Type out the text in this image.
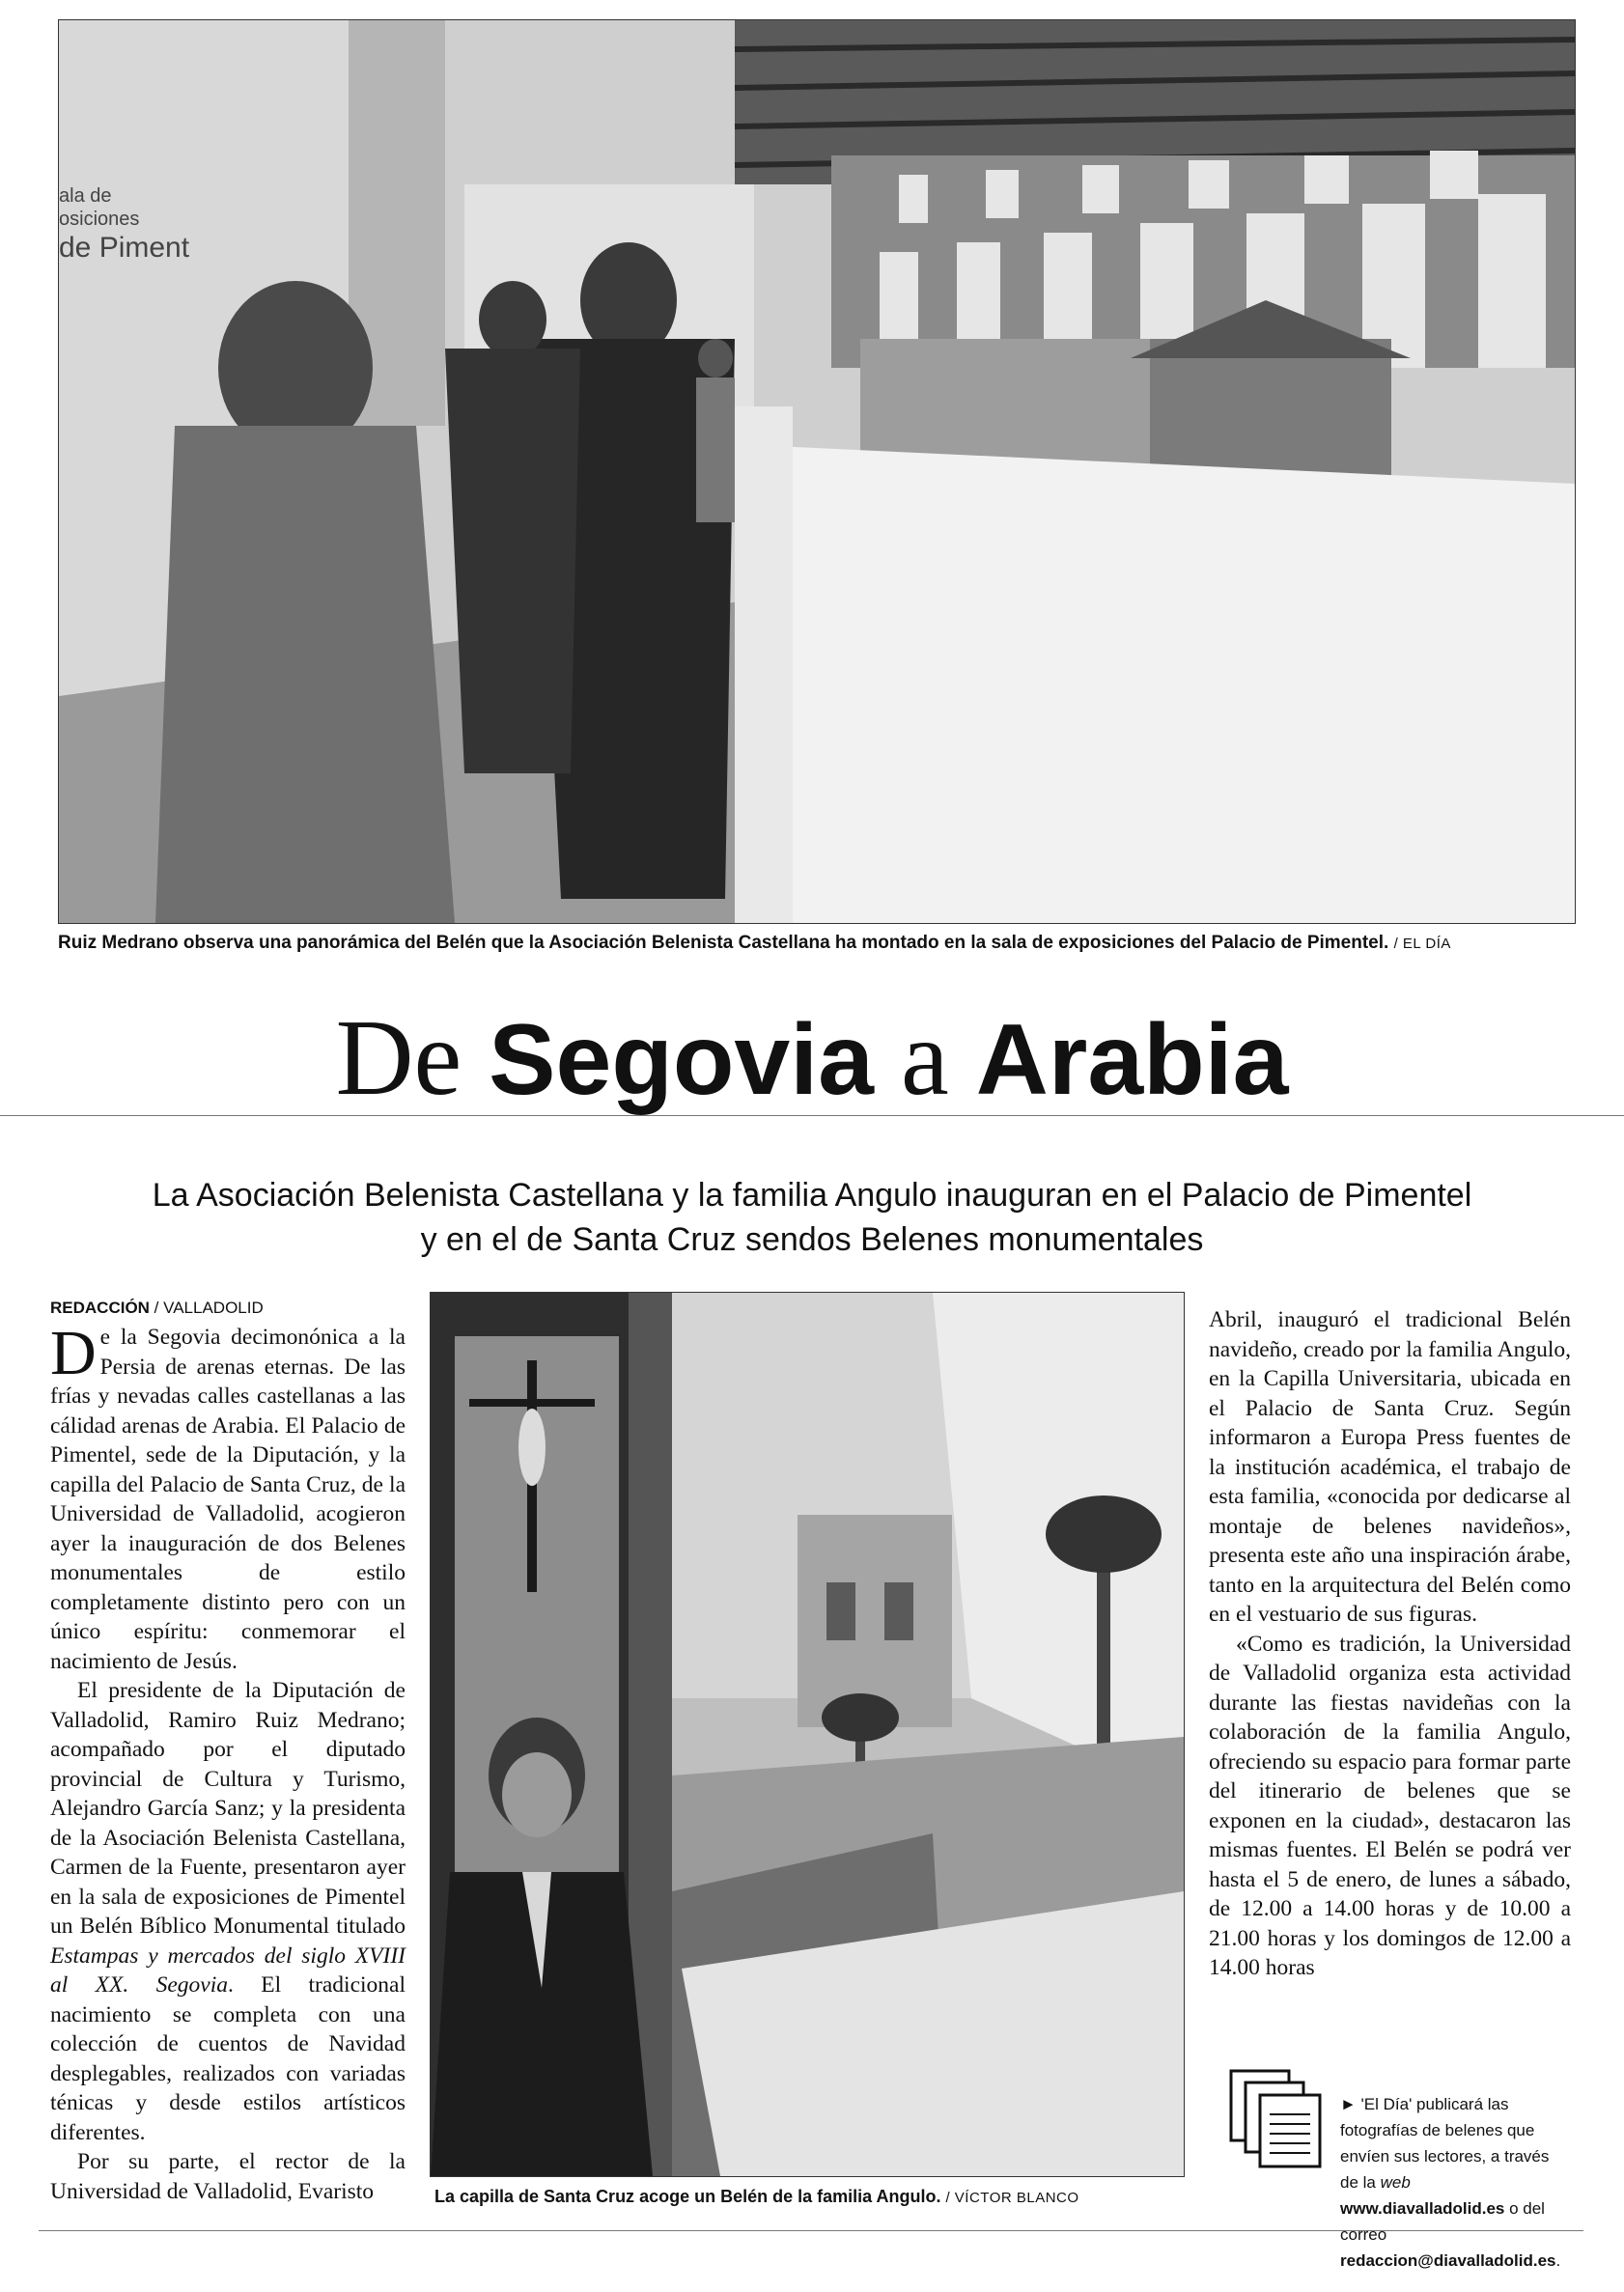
ala de
osiciones
de Piment
Ruiz Medrano observa una panorámica del Belén que la Asociación Belenista Castellana ha montado en la sala de exposiciones del Palacio de Pimentel. / EL DÍA
De Segovia a Arabia
La Asociación Belenista Castellana y la familia Angulo inauguran en el Palacio de Pimentel
y en el de Santa Cruz sendos Belenes monumentales
REDACCIÓN / VALLADOLID

De la Segovia decimonónica a la Persia de arenas eternas. De las frías y nevadas calles castellanas a las cálidad arenas de Arabia. El Palacio de Pimentel, sede de la Diputación, y la capilla del Palacio de Santa Cruz, de la Universidad de Valladolid, acogieron ayer la inauguración de dos Belenes monumentales de estilo completamente distinto pero con un único espíritu: conmemorar el nacimiento de Jesús.

El presidente de la Diputación de Valladolid, Ramiro Ruiz Medrano; acompañado por el diputado provincial de Cultura y Turismo, Alejandro García Sanz; y la presidenta de la Asociación Belenista Castellana, Carmen de la Fuente, presentaron ayer en la sala de exposiciones de Pimentel un Belén Bíblico Monumental titulado Estampas y mercados del siglo XVIII al XX. Segovia. El tradicional nacimiento se completa con una colección de cuentos de Navidad desplegables, realizados con variadas ténicas y desde estilos artísticos diferentes.

Por su parte, el rector de la Universidad de Valladolid, Evaristo	La capilla de Santa Cruz acoge un Belén de la familia Angulo. / VÍCTOR BLANCO

Abril, inauguró el tradicional Belén navideño, creado por la familia Angulo, en la Capilla Universitaria, ubicada en el Palacio de Santa Cruz. Según informaron a Europa Press fuentes de la institución académica, el trabajo de esta familia, «conocida por dedicarse al montaje de belenes navideños», presenta este año una inspiración árabe, tanto en la arquitectura del Belén como en el vestuario de sus figuras.

«Como es tradición, la Universidad de Valladolid organiza esta actividad durante las fiestas navideñas con la colaboración de la familia Angulo, ofreciendo su espacio para formar parte del itinerario de belenes que se exponen en la ciudad», destacaron las mismas fuentes. El Belén se podrá ver hasta el 5 de enero, de lunes a sábado, de 12.00 a 14.00 horas y de 10.00 a 21.00 horas y los domingos de 12.00 a 14.00 horas

► 'El Día' publicará las fotografías de belenes que envíen sus lectores, a través de la web www.diavalladolid.es o del correo redaccion@diavalladolid.es.
